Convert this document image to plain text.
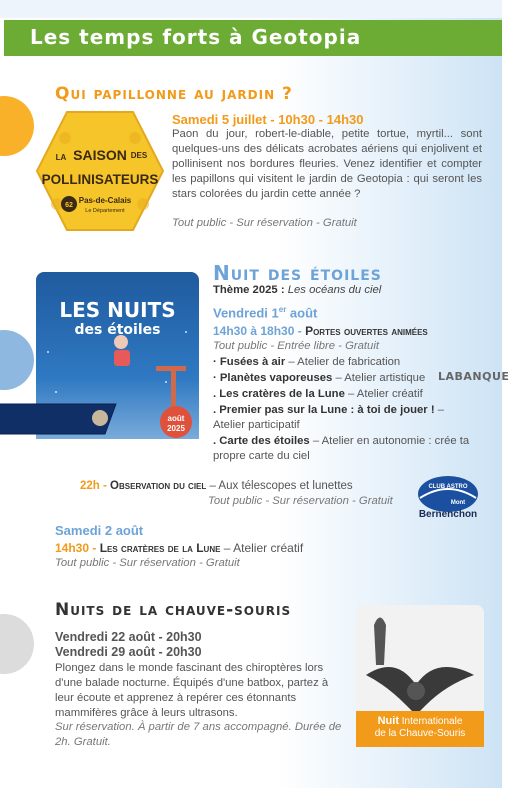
Les temps forts à Geotopia
Qui papillonne au jardin ?
SAISON
LA	DES
POLLINISATEURS
62
Pas-de-Calais
Le Département
Samedi 5 juillet - 10h30 - 14h30
Paon du jour, robert-le-diable, petite tortue, myrtil... sont quelques-uns des délicats acrobates aériens qui enjolivent et pollinisent nos bordures fleuries. Venez identifier et compter les papillons qui visitent le jardin de Geotopia : qui seront les stars colorées du jardin cette année ?
Tout public - Sur réservation - Gratuit
août
2025
LES NUITS
des étoiles
Nuit des étoiles
Thème 2025 : Les océans du ciel
Vendredi 1er août
14h30 à 18h30 - Portes ouvertes animées
Tout public - Entrée libre - Gratuit
· Fusées à air – Atelier de fabrication
· Planètes vaporeuses – Atelier artistique
. Les cratères de la Lune – Atelier créatif
. Premier pas sur la Lune : à toi de jouer ! – Atelier participatif
. Carte des étoiles – Atelier en autonomie : crée ta propre carte du ciel
LABANQUE
22h - Observation du ciel – Aux télescopes et lunettes
Tout public - Sur réservation - Gratuit
CLUB ASTRO
Mont
Bernenchon
Samedi 2 août
14h30 - Les cratères de la Lune – Atelier créatif
Tout public - Sur réservation - Gratuit
Nuits de la chauve-souris
Vendredi 22 août - 20h30
Vendredi 29 août - 20h30
Plongez dans le monde fascinant des chiroptères lors d'une balade nocturne. Équipés d'une batbox, partez à leur écoute et apprenez à repérer ces étonnants mammifères grâce à leurs ultrasons.
Sur réservation. À partir de 7 ans accompagné. Durée de 2h. Gratuit.
Nuit Internationale
de la Chauve-Souris
